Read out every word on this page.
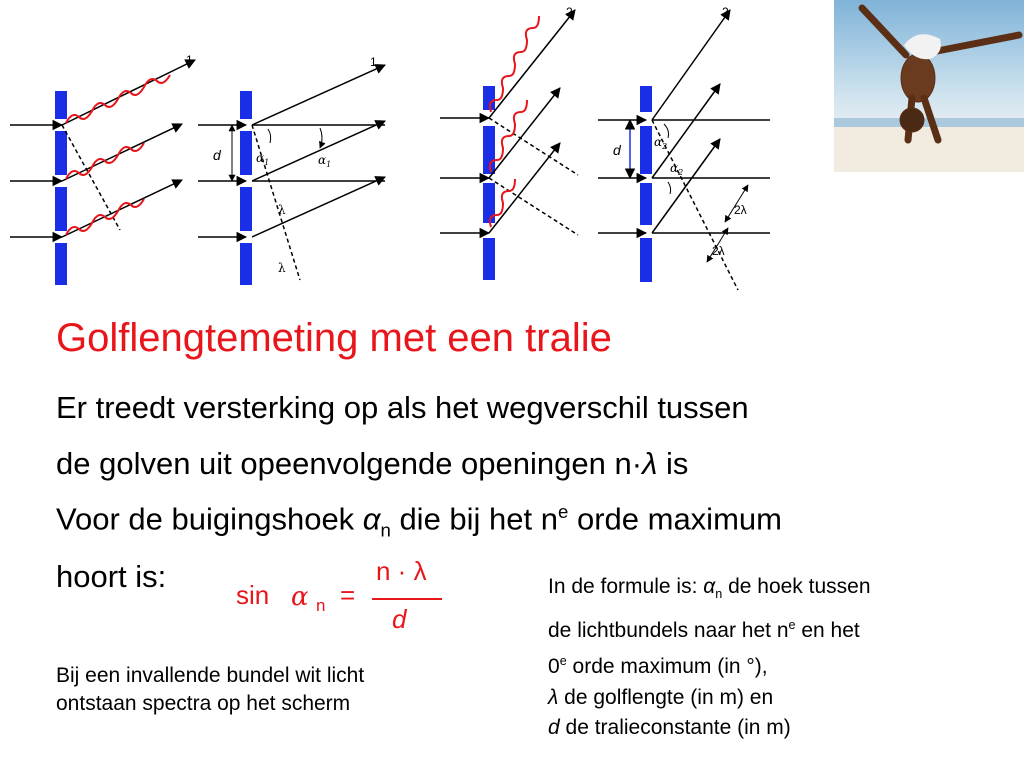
1
d	$\alpha_1$	$\alpha_1$
λ
λ
1
2
d	$\alpha_2$
$\alpha_2$
2λ
2λ
2
Golflengtemeting met een tralie
Er treedt versterking op als het wegverschil tussen
de golven uit opeenvolgende openingen n·λ is
Voor de buigingshoek $\alpha_n$ die bij het $n^e$ orde maximum
hoort is:
sin α n =
n · λ
d
Bij een invallende bundel wit licht
ontstaan spectra op het scherm
In de formule is: $\alpha_n$ de hoek tussen
de lichtbundels naar het $n^e$ en het
0e orde maximum (in °),
λ de golflengte (in m) en
d de tralieconstante (in m)
